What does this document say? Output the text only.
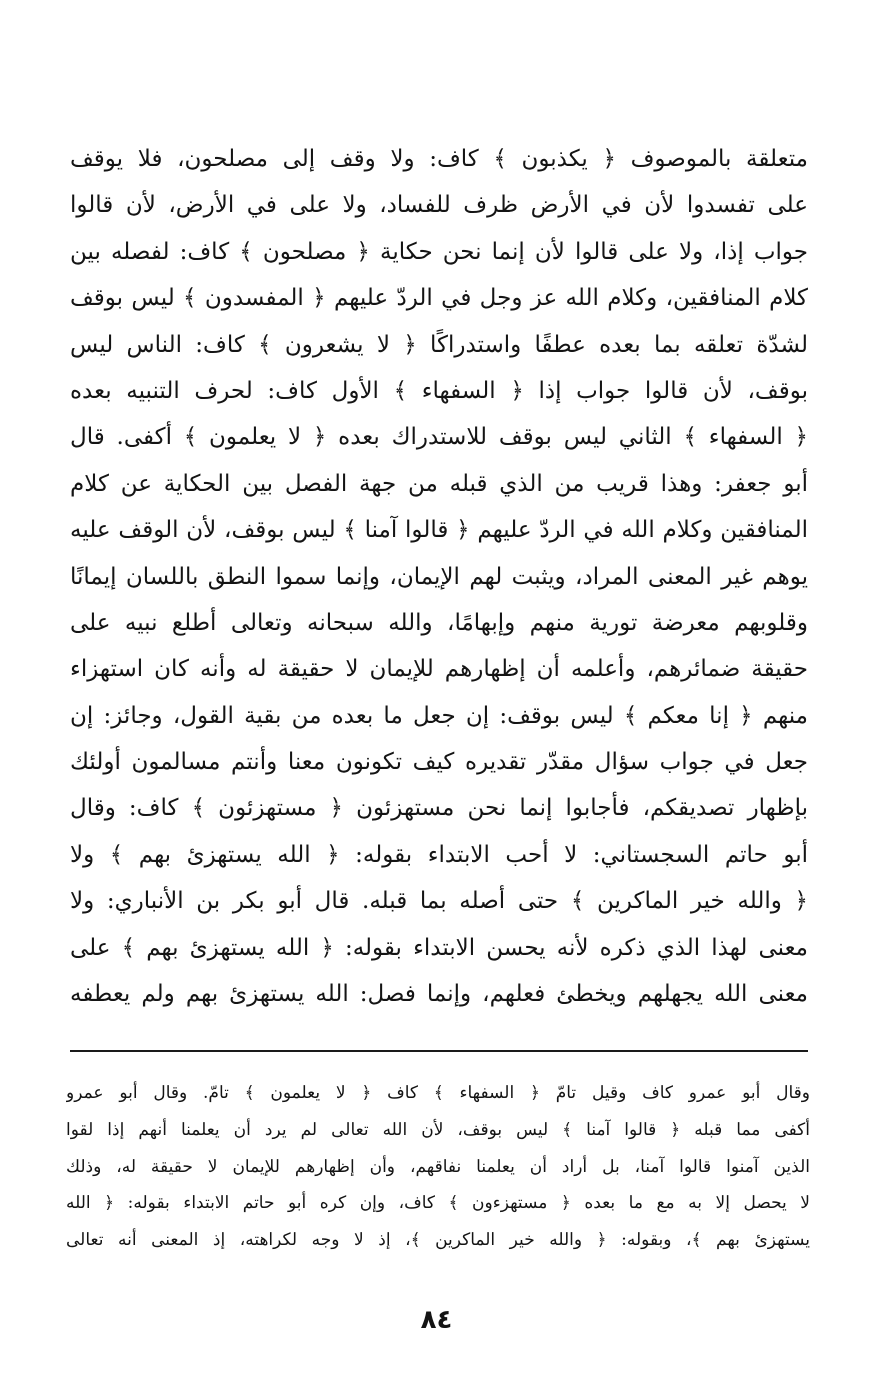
متعلقة بالموصوف ﴿ يكذبون ﴾ كاف: ولا وقف إلى مصلحون، فلا يوقف
على تفسدوا لأن في الأرض ظرف للفساد، ولا على في الأرض، لأن قالوا
جواب إذا، ولا على قالوا لأن إنما نحن حكاية ﴿ مصلحون ﴾ كاف: لفصله بين
كلام المنافقين، وكلام الله عز وجل في الردّ عليهم ﴿ المفسدون ﴾ ليس بوقف
لشدّة تعلقه بما بعده عطفًا واستدراكًا ﴿ لا يشعرون ﴾ كاف: الناس ليس
بوقف، لأن قالوا جواب إذا ﴿ السفهاء ﴾ الأول كاف: لحرف التنبيه بعده
﴿ السفهاء ﴾ الثاني ليس بوقف للاستدراك بعده ﴿ لا يعلمون ﴾ أكفى. قال
أبو جعفر: وهذا قريب من الذي قبله من جهة الفصل بين الحكاية عن كلام
المنافقين وكلام الله في الردّ عليهم ﴿ قالوا آمنا ﴾ ليس بوقف، لأن الوقف عليه
يوهم غير المعنى المراد، ويثبت لهم الإيمان، وإنما سموا النطق باللسان إيمانًا
وقلوبهم معرضة تورية منهم وإبهامًا، والله سبحانه وتعالى أطلع نبيه على
حقيقة ضمائرهم، وأعلمه أن إظهارهم للإيمان لا حقيقة له وأنه كان استهزاء
منهم ﴿ إنا معكم ﴾ ليس بوقف: إن جعل ما بعده من بقية القول، وجائز: إن
جعل في جواب سؤال مقدّر تقديره كيف تكونون معنا وأنتم مسالمون أولئك
بإظهار تصديقكم، فأجابوا إنما نحن مستهزئون ﴿ مستهزئون ﴾ كاف: وقال
أبو حاتم السجستاني: لا أحب الابتداء بقوله: ﴿ الله يستهزئ بهم ﴾ ولا
﴿ والله خير الماكرين ﴾ حتى أصله بما قبله. قال أبو بكر بن الأنباري: ولا
معنى لهذا الذي ذكره لأنه يحسن الابتداء بقوله: ﴿ الله يستهزئ بهم ﴾ على
معنى الله يجهلهم ويخطئ فعلهم، وإنما فصل: الله يستهزئ بهم ولم يعطفه
وقال أبو عمرو كاف وقيل تامّ ﴿ السفهاء ﴾ كاف ﴿ لا يعلمون ﴾ تامّ. وقال أبو عمرو
أكفى مما قبله ﴿ قالوا آمنا ﴾ ليس بوقف، لأن الله تعالى لم يرد أن يعلمنا أنهم إذا لقوا
الذين آمنوا قالوا آمنا، بل أراد أن يعلمنا نفاقهم، وأن إظهارهم للإيمان لا حقيقة له، وذلك
لا يحصل إلا به مع ما بعده ﴿ مستهزءون ﴾ كاف، وإن كره أبو حاتم الابتداء بقوله: ﴿ الله
يستهزئ بهم ﴾، وبقوله: ﴿ والله خير الماكرين ﴾، إذ لا وجه لكراهته، إذ المعنى أنه تعالى
٨٤
